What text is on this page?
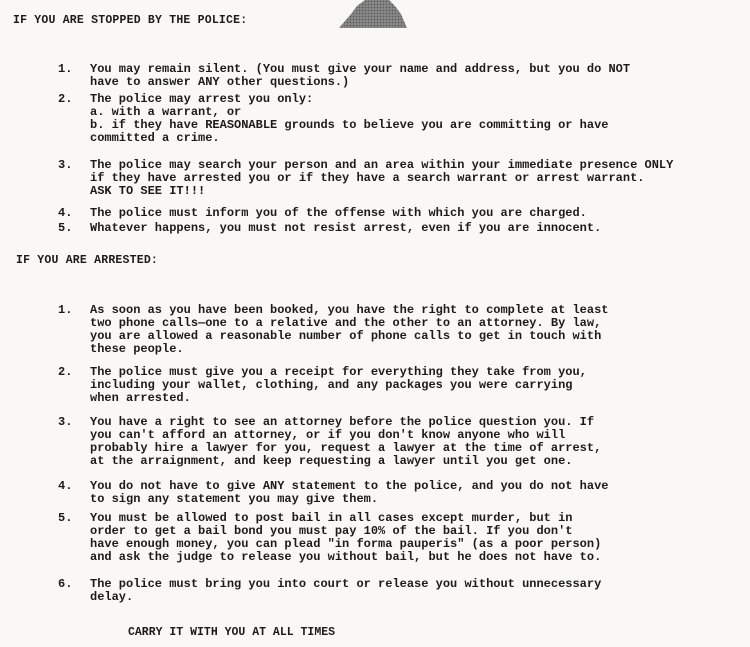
IF YOU ARE STOPPED BY THE POLICE:
1. You may remain silent. (You must give your name and address, but you do NOT
have to answer ANY other questions.)
2. The police may arrest you only:
a. with a warrant, or
b. if they have REASONABLE grounds to believe you are committing or have
committed a crime.
3. The police may search your person and an area within your immediate presence ONLY
if they have arrested you or if they have a search warrant or arrest warrant.
ASK TO SEE IT!!!
4. The police must inform you of the offense with which you are charged.
5. Whatever happens, you must not resist arrest, even if you are innocent.
IF YOU ARE ARRESTED:
1. As soon as you have been booked, you have the right to complete at least
two phone calls—one to a relative and the other to an attorney. By law,
you are allowed a reasonable number of phone calls to get in touch with
these people.
2. The police must give you a receipt for everything they take from you,
including your wallet, clothing, and any packages you were carrying
when arrested.
3. You have a right to see an attorney before the police question you. If
you can't afford an attorney, or if you don't know anyone who will
probably hire a lawyer for you, request a lawyer at the time of arrest,
at the arraignment, and keep requesting a lawyer until you get one.
4. You do not have to give ANY statement to the police, and you do not have
to sign any statement you may give them.
5. You must be allowed to post bail in all cases except murder, but in
order to get a bail bond you must pay 10% of the bail. If you don't
have enough money, you can plead "in forma pauperis" (as a poor person)
and ask the judge to release you without bail, but he does not have to.
6. The police must bring you into court or release you without unnecessary
delay.
CARRY IT WITH YOU AT ALL TIMES
